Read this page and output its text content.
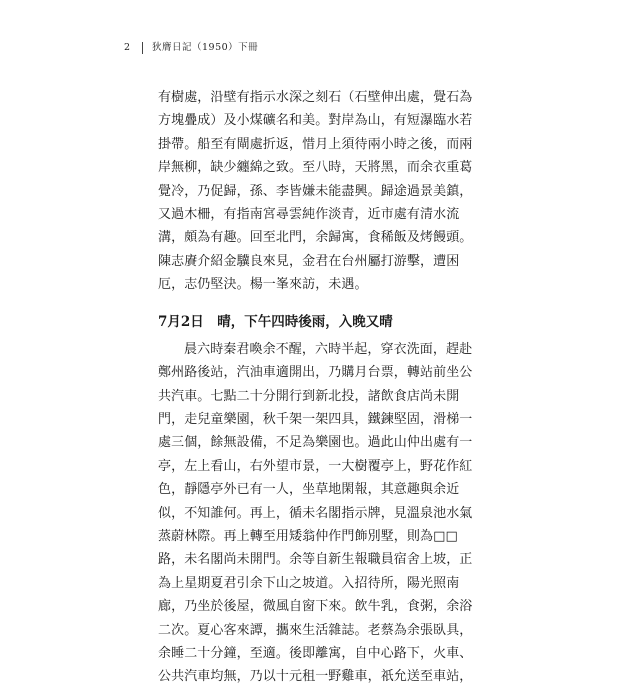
2 狄膺日記（1950）下冊
有樹處，沿壁有指示水深之刻石（石壁伸出處，覺石為
方塊疊成）及小煤礦名和美。對岸為山，有短瀑臨水若
掛帶。船至有閘處折返，惜月上須待兩小時之後，而兩
岸無柳，缺少纏綿之致。至八時，天將黑，而余衣重葛
覺冷，乃促歸，孫、李皆嫌未能盡興。歸途過景美鎮，
又過木柵，有指南宮尋雲純作淡青，近市處有清水流
溝，頗為有趣。回至北門，余歸寓，食稀飯及烤饅頭。
陳志賡介紹金驥良來見，金君在台州屬打游擊，遭困
厄，志仍堅決。楊一峯來訪，未遇。
7月2日　晴，下午四時後雨，入晚又晴
晨六時秦君喚余不醒，六時半起，穿衣洗面，趕赴
鄭州路後站，汽油車適開出，乃購月台票，轉站前坐公
共汽車。七點二十分開行到新北投，諸飲食店尚未開
門，走兒童樂園，秋千架一架四具，鐵鍊堅固，滑梯一
處三個，餘無設備，不足為樂園也。過此山仲出處有一
亭，左上看山，右外望市景，一大樹覆亭上，野花作紅
色，靜隱亭外已有一人，坐草地閑報，其意趣與余近
似，不知誰何。再上，循未名閣指示牌，見溫泉池水氣
蒸蔚林際。再上轉至用矮翁仲作門飾別墅，則為□□
路，未名閣尚未開門。余等自新生報職員宿舍上坡，正
為上星期夏君引余下山之坡道。入招待所，陽光照南
廊，乃坐於後屋，微風自窗下來。飲牛乳，食粥，余浴
二次。夏心客來譚，攜來生活雜誌。老蔡為余張臥具，
余睡二十分鐘，至適。後即離寓，自中心路下，火車、
公共汽車均無，乃以十元租一野雞車，祇允送至車站，
